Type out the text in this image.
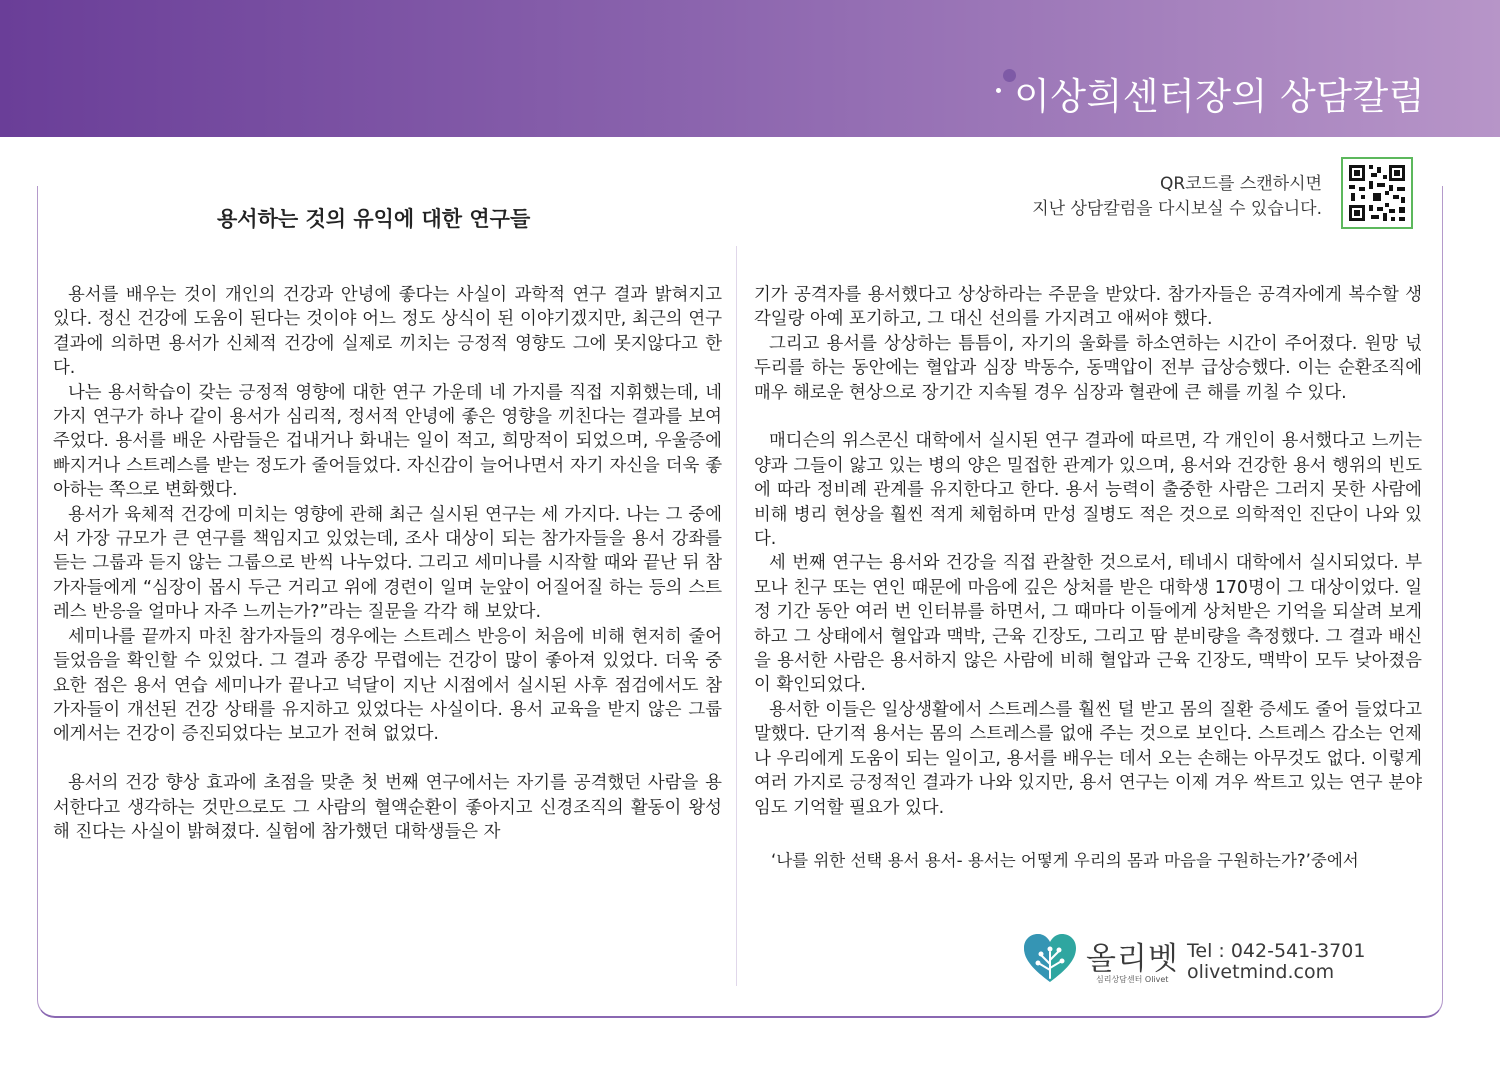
이상희센터장의 상담칼럼
용서하는 것의 유익에 대한 연구들
QR코드를 스캔하시면
지난 상담칼럼을 다시보실 수 있습니다.

용서를 배우는 것이 개인의 건강과 안녕에 좋다는 사실이 과학적 연구 결과 밝혀지고 있다. 정신 건강에 도움이 된다는 것이야 어느 정도 상식이 된 이야기겠지만, 최근의 연구 결과에 의하면 용서가 신체적 건강에 실제로 끼치는 긍정적 영향도 그에 못지않다고 한다.

나는 용서학습이 갖는 긍정적 영향에 대한 연구 가운데 네 가지를 직접 지휘했는데, 네 가지 연구가 하나 같이 용서가 심리적, 정서적 안녕에 좋은 영향을 끼친다는 결과를 보여주었다. 용서를 배운 사람들은 겁내거나 화내는 일이 적고, 희망적이 되었으며, 우울증에 빠지거나 스트레스를 받는 정도가 줄어들었다. 자신감이 늘어나면서 자기 자신을 더욱 좋아하는 쪽으로 변화했다.

용서가 육체적 건강에 미치는 영향에 관해 최근 실시된 연구는 세 가지다. 나는 그 중에서 가장 규모가 큰 연구를 책임지고 있었는데, 조사 대상이 되는 참가자들을 용서 강좌를 듣는 그룹과 듣지 않는 그룹으로 반씩 나누었다. 그리고 세미나를 시작할 때와 끝난 뒤 참가자들에게 “심장이 몹시 두근 거리고 위에 경련이 일며 눈앞이 어질어질 하는 등의 스트레스 반응을 얼마나 자주 느끼는가?”라는 질문을 각각 해 보았다.

세미나를 끝까지 마친 참가자들의 경우에는 스트레스 반응이 처음에 비해 현저히 줄어들었음을 확인할 수 있었다. 그 결과 종강 무렵에는 건강이 많이 좋아져 있었다. 더욱 중요한 점은 용서 연습 세미나가 끝나고 넉달이 지난 시점에서 실시된 사후 점검에서도 참가자들이 개선된 건강 상태를 유지하고 있었다는 사실이다. 용서 교육을 받지 않은 그룹에게서는 건강이 증진되었다는 보고가 전혀 없었다.

용서의 건강 향상 효과에 초점을 맞춘 첫 번째 연구에서는 자기를 공격했던 사람을 용서한다고 생각하는 것만으로도 그 사람의 혈액순환이 좋아지고 신경조직의 활동이 왕성해 진다는 사실이 밝혀졌다. 실험에 참가했던 대학생들은 자

기가 공격자를 용서했다고 상상하라는 주문을 받았다. 참가자들은 공격자에게 복수할 생각일랑 아예 포기하고, 그 대신 선의를 가지려고 애써야 했다.

그리고 용서를 상상하는 틈틈이, 자기의 울화를 하소연하는 시간이 주어졌다. 원망 넋두리를 하는 동안에는 혈압과 심장 박동수, 동맥압이 전부 급상승했다. 이는 순환조직에 매우 해로운 현상으로 장기간 지속될 경우 심장과 혈관에 큰 해를 끼칠 수 있다.

매디슨의 위스콘신 대학에서 실시된 연구 결과에 따르면, 각 개인이 용서했다고 느끼는 양과 그들이 앓고 있는 병의 양은 밀접한 관계가 있으며, 용서와 건강한 용서 행위의 빈도에 따라 정비례 관계를 유지한다고 한다. 용서 능력이 출중한 사람은 그러지 못한 사람에 비해 병리 현상을 훨씬 적게 체험하며 만성 질병도 적은 것으로 의학적인 진단이 나와 있다.

세 번째 연구는 용서와 건강을 직접 관찰한 것으로서, 테네시 대학에서 실시되었다. 부모나 친구 또는 연인 때문에 마음에 깊은 상처를 받은 대학생 170명이 그 대상이었다. 일정 기간 동안 여러 번 인터뷰를 하면서, 그 때마다 이들에게 상처받은 기억을 되살려 보게 하고 그 상태에서 혈압과 맥박, 근육 긴장도, 그리고 땀 분비량을 측정했다. 그 결과 배신을 용서한 사람은 용서하지 않은 사람에 비해 혈압과 근육 긴장도, 맥박이 모두 낮아졌음이 확인되었다.

용서한 이들은 일상생활에서 스트레스를 훨씬 덜 받고 몸의 질환 증세도 줄어 들었다고 말했다. 단기적 용서는 몸의 스트레스를 없애 주는 것으로 보인다. 스트레스 감소는 언제나 우리에게 도움이 되는 일이고, 용서를 배우는 데서 오는 손해는 아무것도 없다. 이렇게 여러 가지로 긍정적인 결과가 나와 있지만, 용서 연구는 이제 겨우 싹트고 있는 연구 분야임도 기억할 필요가 있다.

‘나를 위한 선택 용서 용서- 용서는 어떻게 우리의 몸과 마음을 구원하는가?’중에서
올리벳
심리상담센터 Olivet
Tel : 042-541-3701
olivetmind.com
